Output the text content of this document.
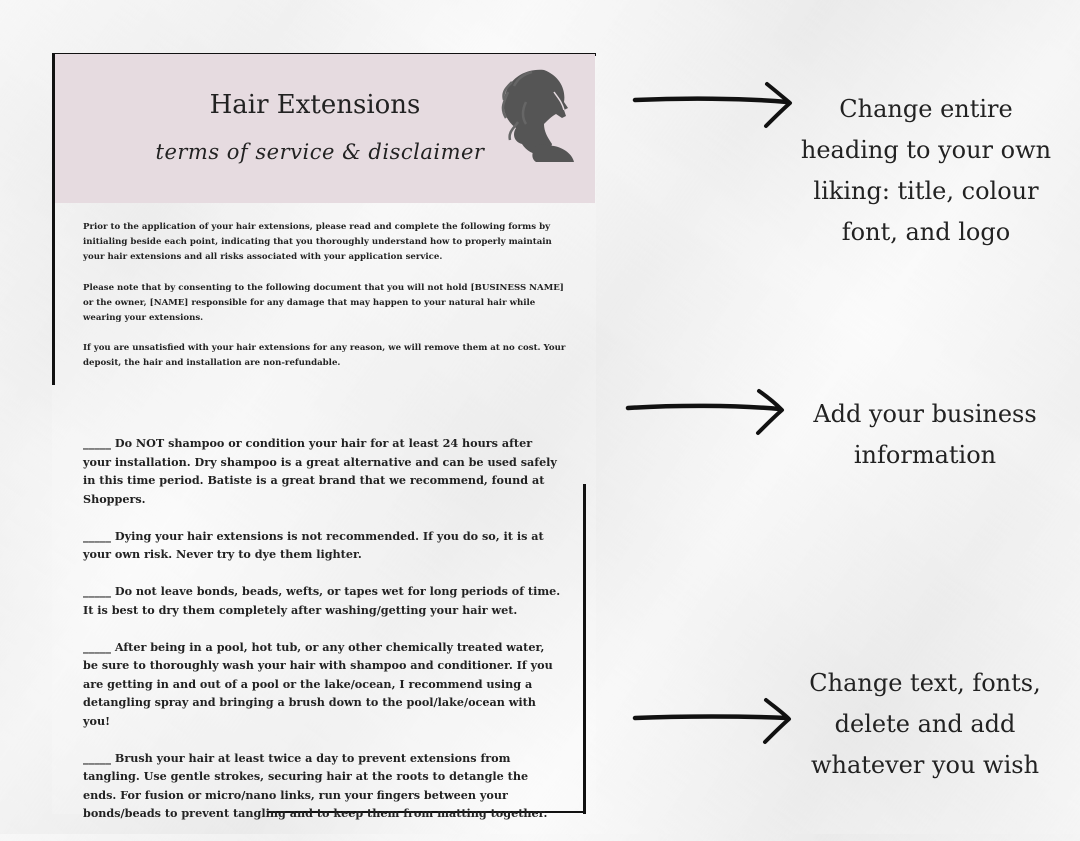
Hair Extensions
terms of service & disclaimer

Prior to the application of your hair extensions, please read and complete the following forms by initialing beside each point, indicating that you thoroughly understand how to properly maintain your hair extensions and all risks associated with your application service.

Please note that by consenting to the following document that you will not hold [BUSINESS NAME] or the owner, [NAME] responsible for any damage that may happen to your natural hair while wearing your extensions.

If you are unsatisfied with your hair extensions for any reason, we will remove them at no cost. Your deposit, the hair and installation are non-refundable.

_____ Do NOT shampoo or condition your hair for at least 24 hours after your installation. Dry shampoo is a great alternative and can be used safely in this time period. Batiste is a great brand that we recommend, found at Shoppers.

_____ Dying your hair extensions is not recommended. If you do so, it is at your own risk. Never try to dye them lighter.

_____ Do not leave bonds, beads, wefts, or tapes wet for long periods of time. It is best to dry them completely after washing/getting your hair wet.

_____ After being in a pool, hot tub, or any other chemically treated water, be sure to thoroughly wash your hair with shampoo and conditioner. If you are getting in and out of a pool or the lake/ocean, I recommend using a detangling spray and bringing a brush down to the pool/lake/ocean with you!

_____ Brush your hair at least twice a day to prevent extensions from tangling. Use gentle strokes, securing hair at the roots to detangle the ends. For fusion or micro/nano links, run your fingers between your bonds/beads to prevent tangling and to keep them from matting together.

Change entire heading to your own liking: title, colour font, and logo
Add your business information
Change text, fonts, delete and add whatever you wish
